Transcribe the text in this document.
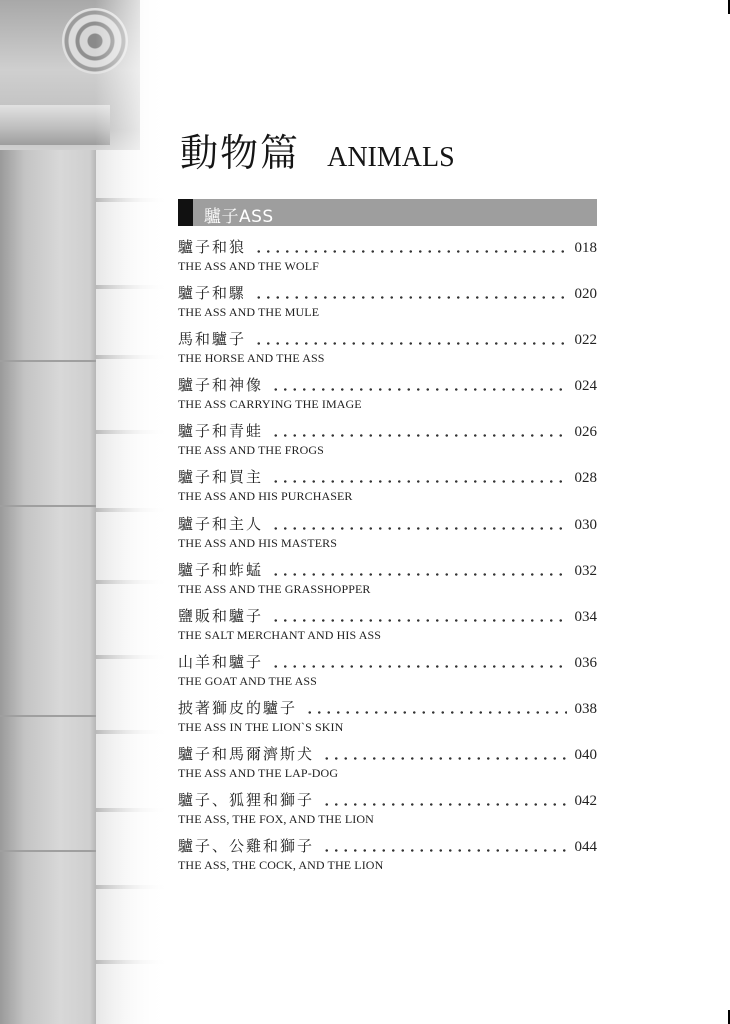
動物篇 ANIMALS
驢子ASS
驢子和狼	018
THE ASS AND THE WOLF
驢子和騾	020
THE ASS AND THE MULE
馬和驢子	022
THE HORSE AND THE ASS
驢子和神像	024
THE ASS CARRYING THE IMAGE
驢子和青蛙	026
THE ASS AND THE FROGS
驢子和買主	028
THE ASS AND HIS PURCHASER
驢子和主人	030
THE ASS AND HIS MASTERS
驢子和蚱蜢	032
THE ASS AND THE GRASSHOPPER
鹽販和驢子	034
THE SALT MERCHANT AND HIS ASS
山羊和驢子	036
THE GOAT AND THE ASS
披著獅皮的驢子	038
THE ASS IN THE LION`S SKIN
驢子和馬爾濟斯犬	040
THE ASS AND THE LAP-DOG
驢子、狐狸和獅子	042
THE ASS, THE FOX, AND THE LION
驢子、公雞和獅子	044
THE ASS, THE COCK, AND THE LION
